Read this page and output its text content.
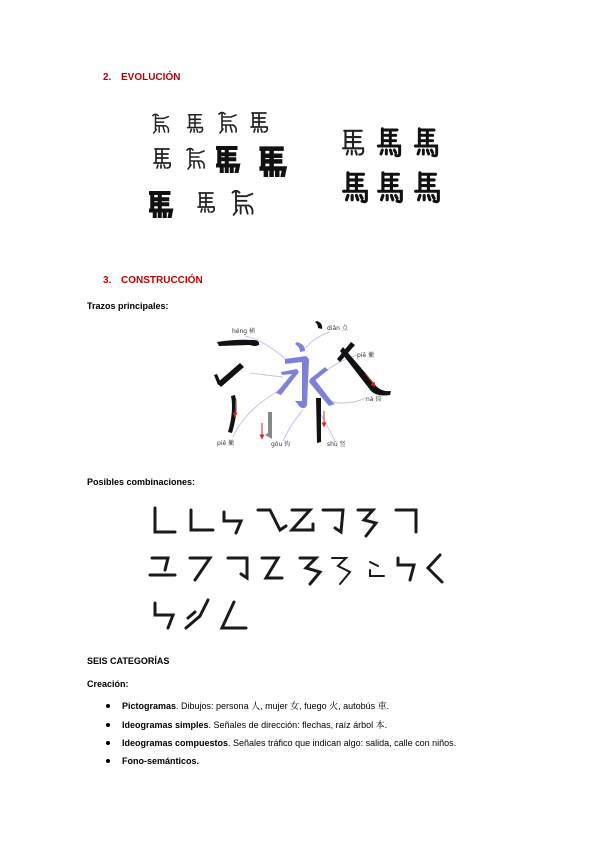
2. EVOLUCIÓN
3. CONSTRUCCIÓN
Trazos principales:
héng 横	diǎn 点
piě 撇
nà 捺
piě 撇	gōu 钩	shù 竖
Posibles combinaciones:
SEIS CATEGORÍAS
Creación:
Pictogramas. Dibujos: persona 人, mujer 女, fuego 火, autobús 車.
Ideogramas simples. Señales de dirección: flechas, raíz árbol 本.
Ideogramas compuestos. Señales tráfico que indican algo: salida, calle con niños.
Fono-semánticos.
